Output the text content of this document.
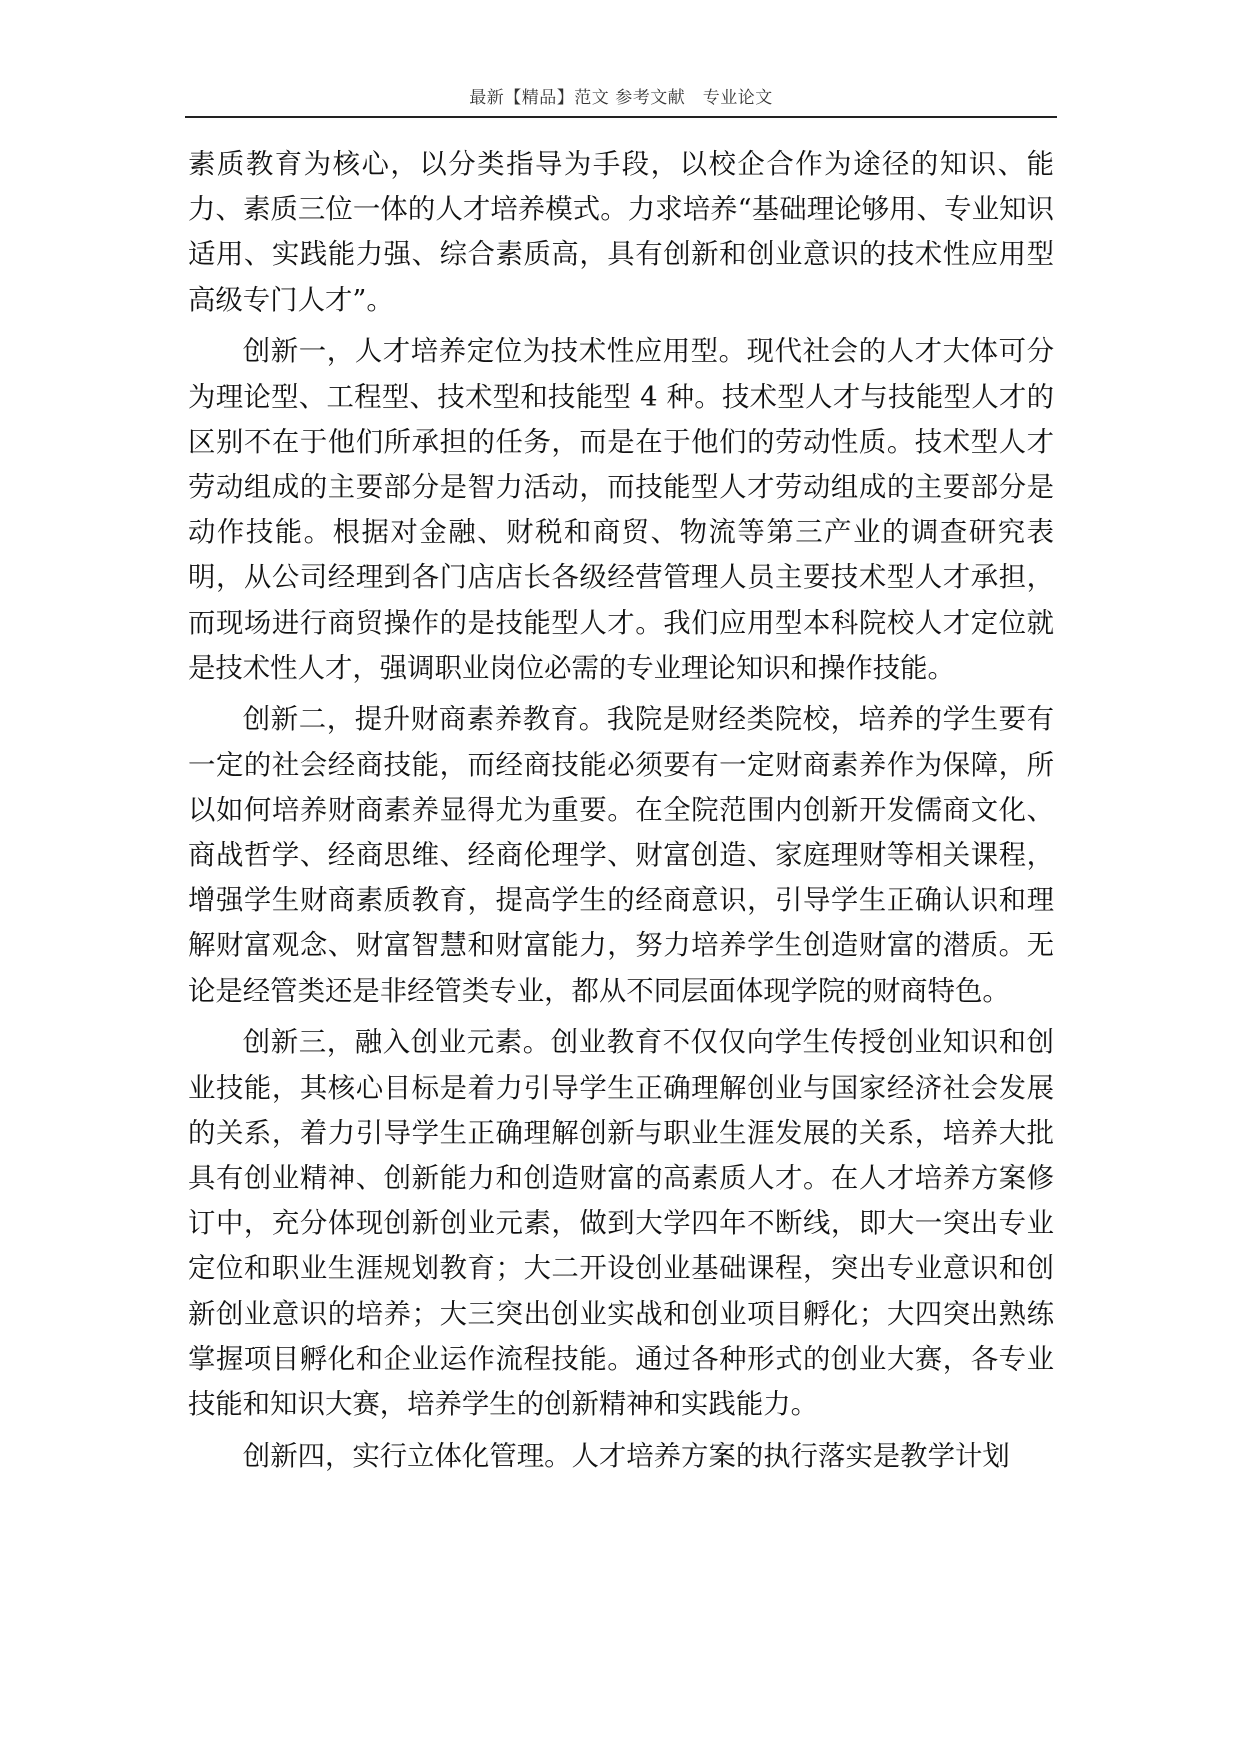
最新【精品】范文 参考文献　专业论文

素质教育为核心，以分类指导为手段，以校企合作为途径的知识、能力、素质三位一体的人才培养模式。力求培养“基础理论够用、专业知识适用、实践能力强、综合素质高，具有创新和创业意识的技术性应用型高级专门人才”。

创新一，人才培养定位为技术性应用型。现代社会的人才大体可分为理论型、工程型、技术型和技能型 4 种。技术型人才与技能型人才的区别不在于他们所承担的任务，而是在于他们的劳动性质。技术型人才劳动组成的主要部分是智力活动，而技能型人才劳动组成的主要部分是动作技能。根据对金融、财税和商贸、物流等第三产业的调查研究表明，从公司经理到各门店店长各级经营管理人员主要技术型人才承担，而现场进行商贸操作的是技能型人才。我们应用型本科院校人才定位就是技术性人才，强调职业岗位必需的专业理论知识和操作技能。

创新二，提升财商素养教育。我院是财经类院校，培养的学生要有一定的社会经商技能，而经商技能必须要有一定财商素养作为保障，所以如何培养财商素养显得尤为重要。在全院范围内创新开发儒商文化、商战哲学、经商思维、经商伦理学、财富创造、家庭理财等相关课程，增强学生财商素质教育，提高学生的经商意识，引导学生正确认识和理解财富观念、财富智慧和财富能力，努力培养学生创造财富的潜质。无论是经管类还是非经管类专业，都从不同层面体现学院的财商特色。

创新三，融入创业元素。创业教育不仅仅向学生传授创业知识和创业技能，其核心目标是着力引导学生正确理解创业与国家经济社会发展的关系，着力引导学生正确理解创新与职业生涯发展的关系，培养大批具有创业精神、创新能力和创造财富的高素质人才。在人才培养方案修订中，充分体现创新创业元素，做到大学四年不断线，即大一突出专业定位和职业生涯规划教育；大二开设创业基础课程，突出专业意识和创新创业意识的培养；大三突出创业实战和创业项目孵化；大四突出熟练掌握项目孵化和企业运作流程技能。通过各种形式的创业大赛，各专业技能和知识大赛，培养学生的创新精神和实践能力。

创新四，实行立体化管理。人才培养方案的执行落实是教学计划
